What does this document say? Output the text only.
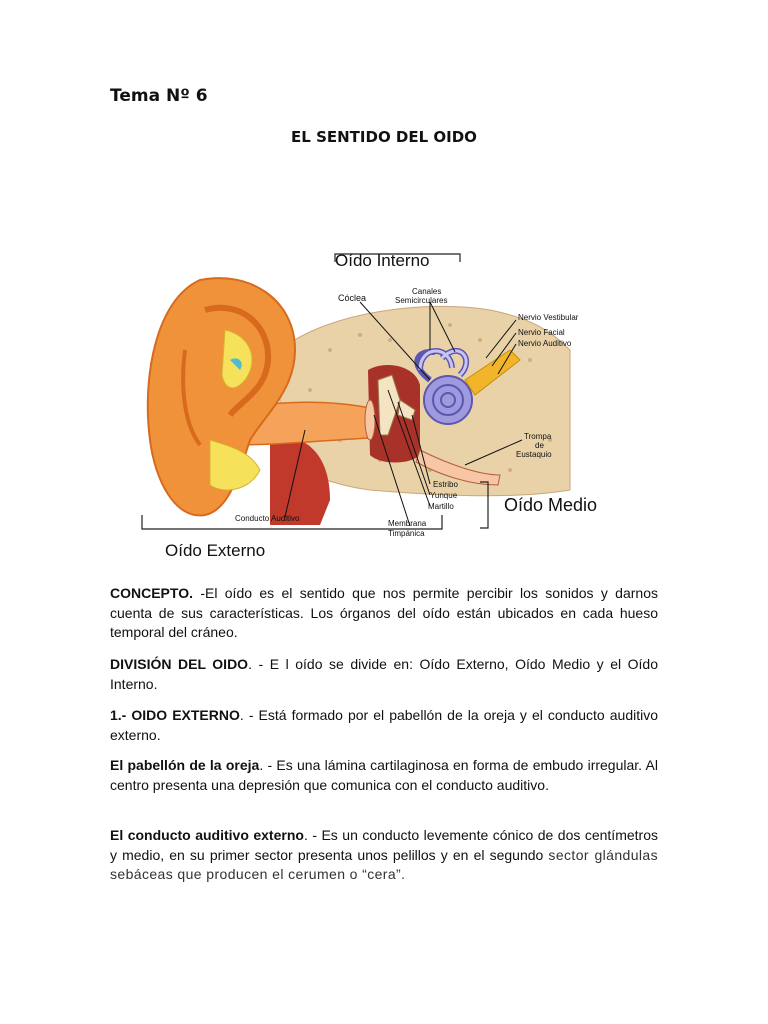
Tema Nº 6
EL SENTIDO DEL OIDO
Oído Interno
Cóclea
Canales
Semicirculares
Nervio Vestibular
Nervio Facial
Nervio Auditivo
Trompa
de
Eustaquio
Estribo
Yunque
Martillo	Oído Medio
Membrana
Timpánica
Conducto Auditivo
Oído Externo
CONCEPTO. -El oído es el sentido que nos permite percibir los sonidos y darnos cuenta de sus características. Los órganos del oído están ubicados en cada hueso temporal del cráneo.
DIVISIÓN DEL OIDO. - E l oído se divide en: Oído Externo, Oído Medio y el Oído Interno.
1.- OIDO EXTERNO. - Está formado por el pabellón de la oreja y el conducto auditivo externo.
El pabellón de la oreja. - Es una lámina cartilaginosa en forma de embudo irregular. Al centro presenta una depresión que comunica con el conducto auditivo.
El conducto auditivo externo. - Es un conducto levemente cónico de dos centímetros y medio, en su primer sector presenta unos pelillos y en el segundo sector glándulas sebáceas que producen el cerumen o “cera”.
